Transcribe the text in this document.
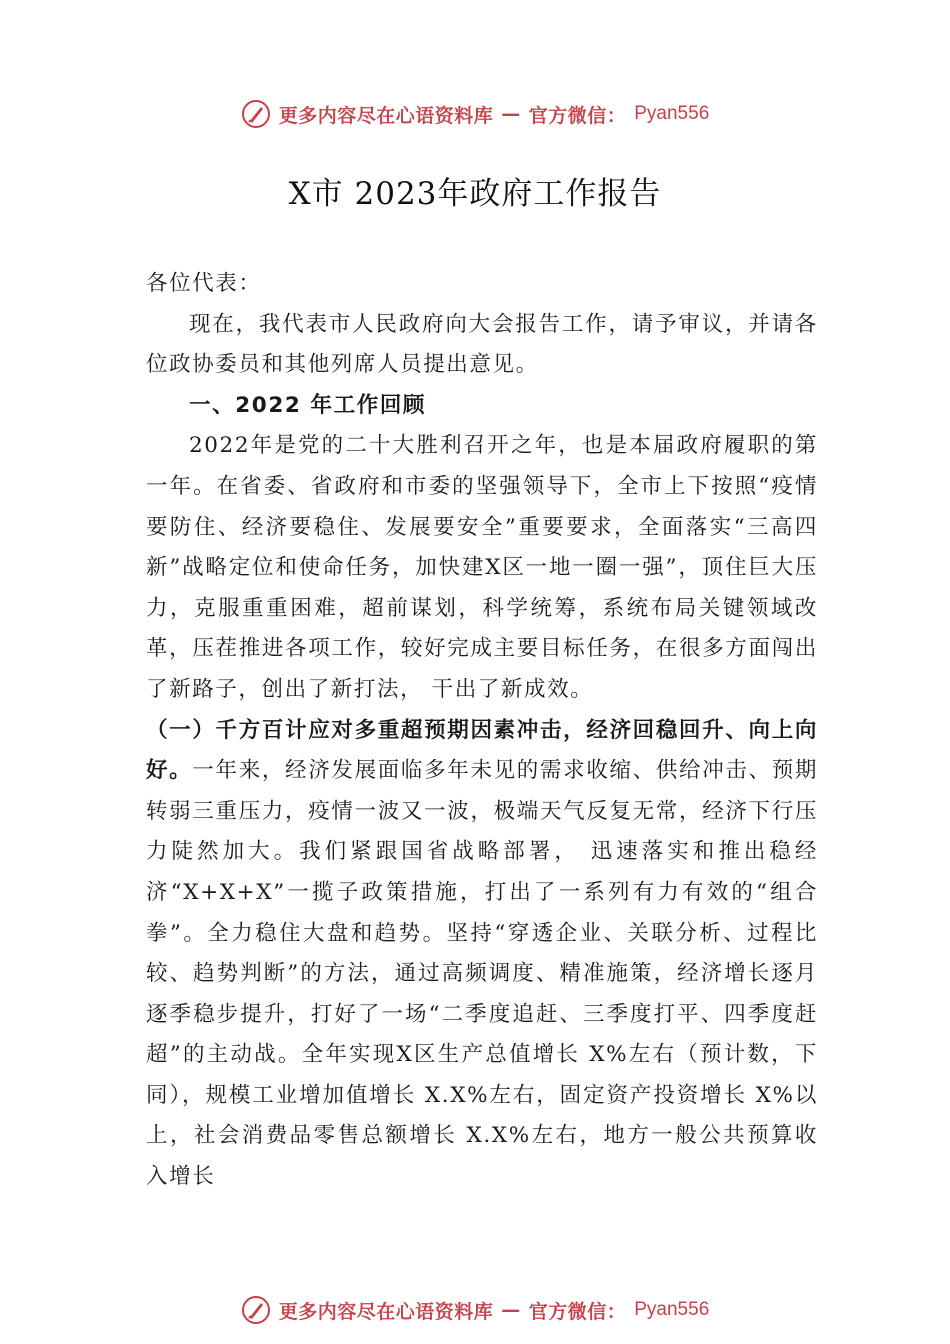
更多内容尽在心语资料库 — 官方微信： Pyan556
X市 2023年政府工作报告

各位代表：

现在，我代表市人民政府向大会报告工作，请予审议，并请各位政协委员和其他列席人员提出意见。

一、2022 年工作回顾

2022年是党的二十大胜利召开之年，也是本届政府履职的第一年。在省委、省政府和市委的坚强领导下，全市上下按照“疫情要防住、经济要稳住、发展要安全”重要要求，全面落实“三高四新”战略定位和使命任务，加快建X区一地一圈一强”，顶住巨大压力，克服重重困难，超前谋划，科学统筹，系统布局关键领域改革，压茬推进各项工作，较好完成主要目标任务，在很多方面闯出了新路子，创出了新打法， 干出了新成效。

（一）千方百计应对多重超预期因素冲击，经济回稳回升、向上向好。一年来，经济发展面临多年未见的需求收缩、供给冲击、预期转弱三重压力，疫情一波又一波，极端天气反复无常，经济下行压力陡然加大。我们紧跟国省战略部署， 迅速落实和推出稳经济“X+X+X”一揽子政策措施，打出了一系列有力有效的“组合拳”。全力稳住大盘和趋势。坚持“穿透企业、关联分析、过程比较、趋势判断”的方法，通过高频调度、精准施策，经济增长逐月逐季稳步提升，打好了一场“二季度追赶、三季度打平、四季度赶超”的主动战。全年实现X区生产总值增长 X%左右（预计数，下同），规模工业增加值增长 X.X%左右，固定资产投资增长 X%以上，社会消费品零售总额增长 X.X%左右，地方一般公共预算收入增长

更多内容尽在心语资料库 — 官方微信： Pyan556
